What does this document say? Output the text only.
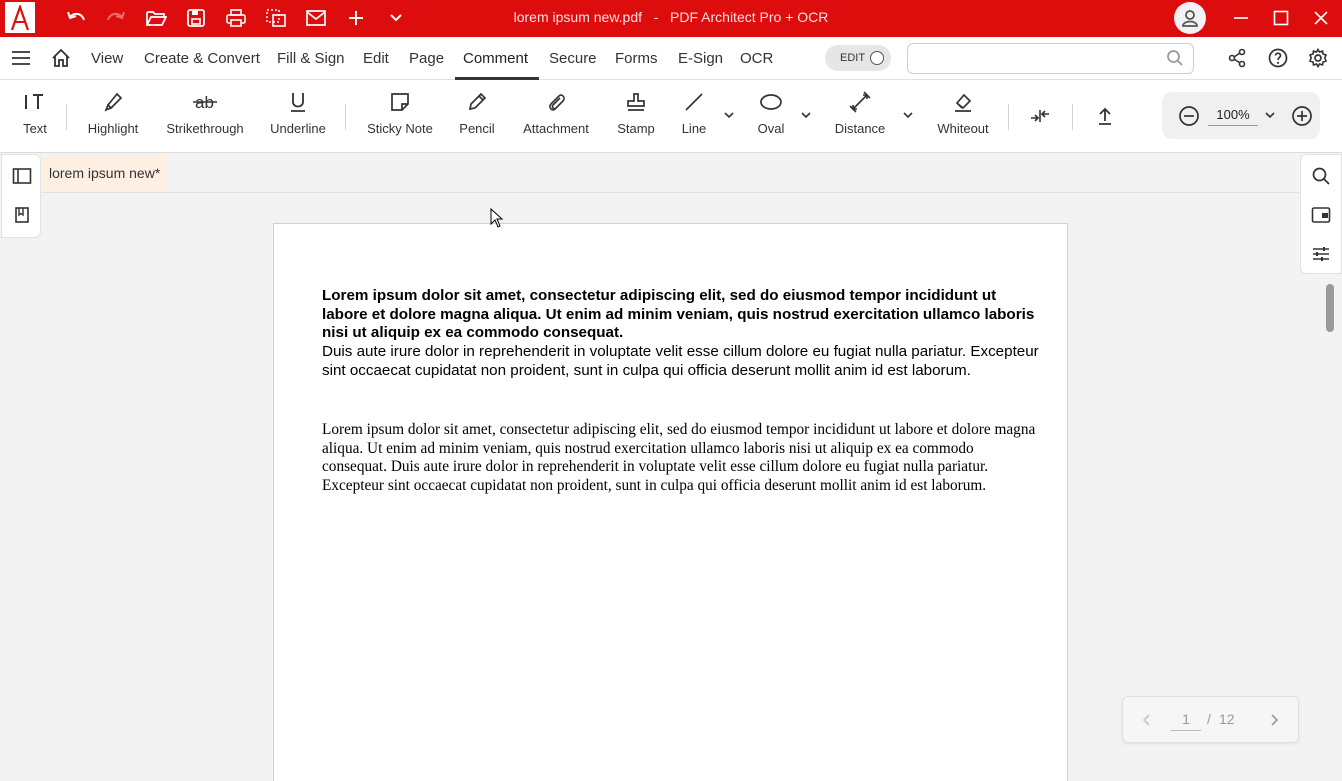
lorem ipsum new.pdf - PDF Architect Pro + OCR
View Create & Convert Fill & Sign Edit Page Comment Secure Forms E-Sign OCR	EDIT
Text	Highlight
ab
Strikethrough	Underline	Sticky Note	Pencil	Attachment	Stamp	Line	Oval	Distance	Whiteout
100%
lorem ipsum new*
Lorem ipsum dolor sit amet, consectetur adipiscing elit, sed do eiusmod tempor incididunt ut labore et dolore magna aliqua. Ut enim ad minim veniam, quis nostrud exercitation ullamco laboris nisi ut aliquip ex ea commodo consequat.
Duis aute irure dolor in reprehenderit in voluptate velit esse cillum dolore eu fugiat nulla pariatur. Excepteur sint occaecat cupidatat non proident, sunt in culpa qui officia deserunt mollit anim id est laborum.
Lorem ipsum dolor sit amet, consectetur adipiscing elit, sed do eiusmod tempor incididunt ut labore et dolore magna aliqua. Ut enim ad minim veniam, quis nostrud exercitation ullamco laboris nisi ut aliquip ex ea commodo consequat. Duis aute irure dolor in reprehenderit in voluptate velit esse cillum dolore eu fugiat nulla pariatur. Excepteur sint occaecat cupidatat non proident, sunt in culpa qui officia deserunt mollit anim id est laborum.
1	/ 12
